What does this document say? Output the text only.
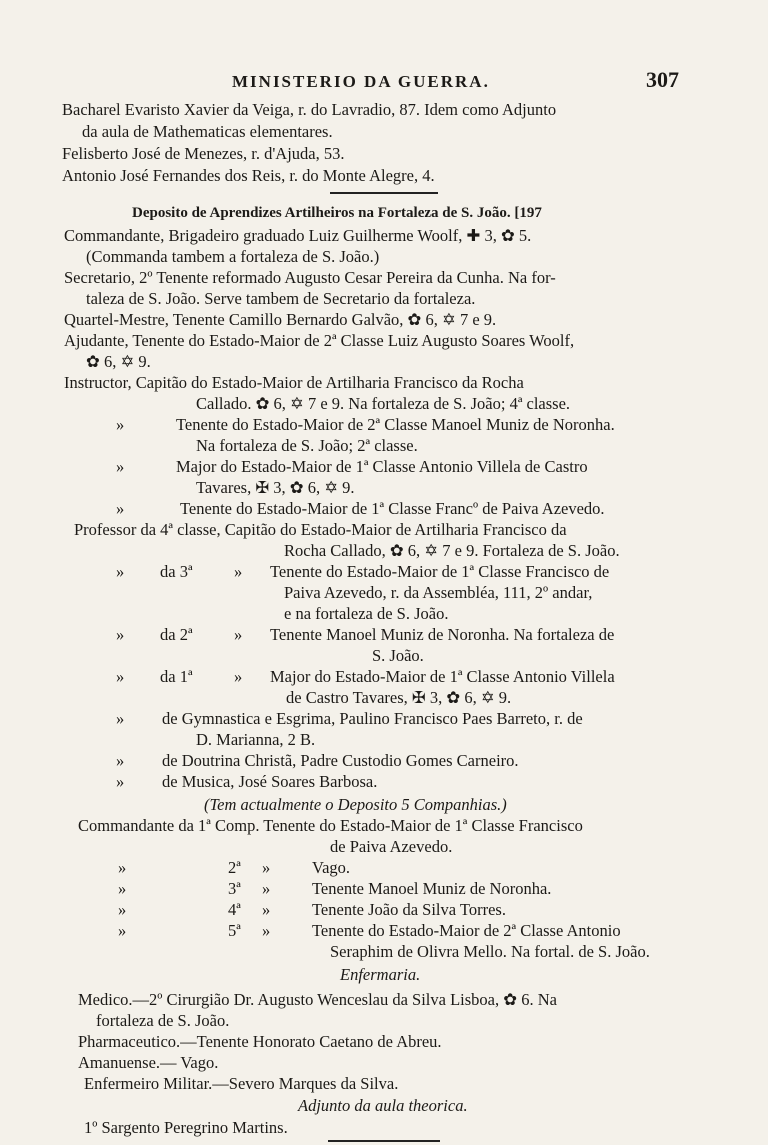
MINISTERIO DA GUERRA.	307
Bacharel Evaristo Xavier da Veiga, r. do Lavradio, 87. Idem como Adjunto
da aula de Mathematicas elementares.
Felisberto José de Menezes, r. d'Ajuda, 53.
Antonio José Fernandes dos Reis, r. do Monte Alegre, 4.
Deposito de Aprendizes Artilheiros na Fortaleza de S. João. [197
Commandante, Brigadeiro graduado Luiz Guilherme Woolf, ✚ 3, ✿ 5.
(Commanda tambem a fortaleza de S. João.)
Secretario, 2º Tenente reformado Augusto Cesar Pereira da Cunha. Na for-
taleza de S. João. Serve tambem de Secretario da fortaleza.
Quartel-Mestre, Tenente Camillo Bernardo Galvão, ✿ 6, ✡ 7 e 9.
Ajudante, Tenente do Estado-Maior de 2ª Classe Luiz Augusto Soares Woolf,
✿ 6, ✡ 9.
Instructor, Capitão do Estado-Maior de Artilharia Francisco da Rocha
Callado. ✿ 6, ✡ 7 e 9. Na fortaleza de S. João; 4ª classe.
»	Tenente do Estado-Maior de 2ª Classe Manoel Muniz de Noronha.
Na fortaleza de S. João; 2ª classe.
»	Major do Estado-Maior de 1ª Classe Antonio Villela de Castro
Tavares, ✠ 3, ✿ 6, ✡ 9.
»	Tenente do Estado-Maior de 1ª Classe Francº de Paiva Azevedo.
Professor da 4ª classe, Capitão do Estado-Maior de Artilharia Francisco da
Rocha Callado, ✿ 6, ✡ 7 e 9. Fortaleza de S. João.
» da 3ª	» Tenente do Estado-Maior de 1ª Classe Francisco de
Paiva Azevedo, r. da Assembléa, 111, 2º andar,
e na fortaleza de S. João.
» da 2ª	» Tenente Manoel Muniz de Noronha. Na fortaleza de
S. João.
» da 1ª	» Major do Estado-Maior de 1ª Classe Antonio Villela
de Castro Tavares, ✠ 3, ✿ 6, ✡ 9.
» de Gymnastica e Esgrima, Paulino Francisco Paes Barreto, r. de
D. Marianna, 2 B.
» de Doutrina Christã, Padre Custodio Gomes Carneiro.
» de Musica, José Soares Barbosa.
(Tem actualmente o Deposito 5 Companhias.)
Commandante da 1ª Comp. Tenente do Estado-Maior de 1ª Classe Francisco
de Paiva Azevedo.
»	2ª »	Vago.
»	3ª »	Tenente Manoel Muniz de Noronha.
»	4ª »	Tenente João da Silva Torres.
»	5ª »	Tenente do Estado-Maior de 2ª Classe Antonio
Seraphim de Olivra Mello. Na fortal. de S. João.
Enfermaria.
Medico.—2º Cirurgião Dr. Augusto Wenceslau da Silva Lisboa, ✿ 6. Na
fortaleza de S. João.
Pharmaceutico.—Tenente Honorato Caetano de Abreu.
Amanuense.— Vago.
Enfermeiro Militar.—Severo Marques da Silva.
Adjunto da aula theorica.
1º Sargento Peregrino Martins.
